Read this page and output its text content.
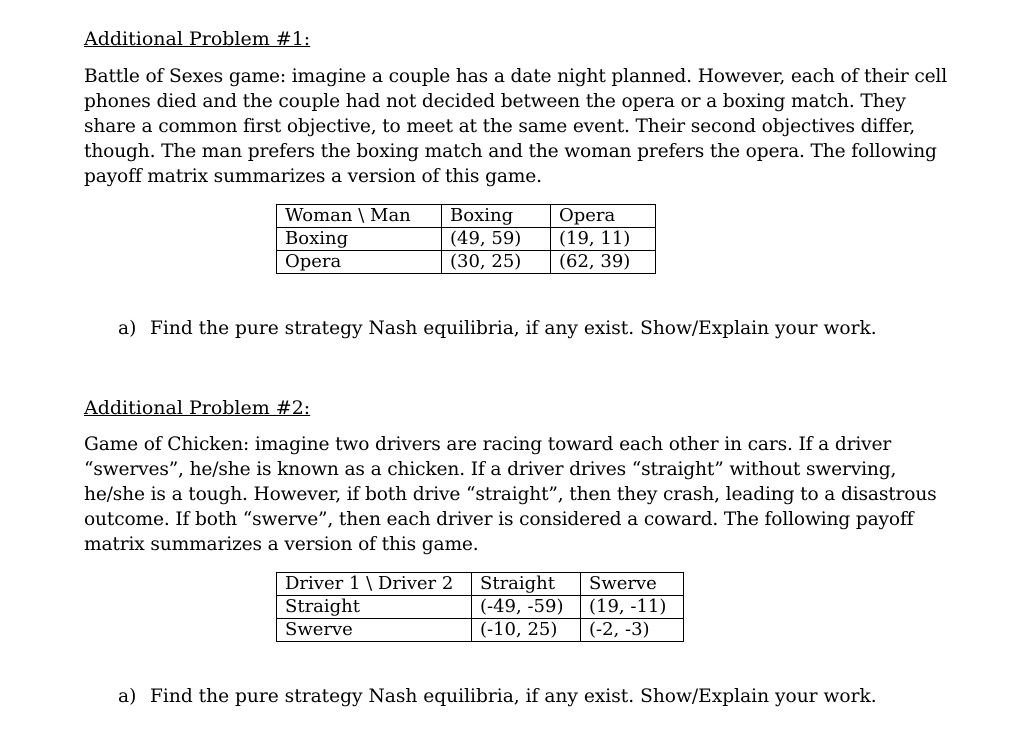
Additional Problem #1:

Battle of Sexes game: imagine a couple has a date night planned. However, each of their cell phones died and the couple had not decided between the opera or a boxing match. They share a common first objective, to meet at the same event. Their second objectives differ, though. The man prefers the boxing match and the woman prefers the opera. The following payoff matrix summarizes a version of this game.

Woman \ Man	Boxing	Opera
Boxing	(49, 59)	(19, 11)
Opera	(30, 25)	(62, 39)

a) Find the pure strategy Nash equilibria, if any exist. Show/Explain your work.

Additional Problem #2:

Game of Chicken: imagine two drivers are racing toward each other in cars. If a driver “swerves”, he/she is known as a chicken. If a driver drives “straight” without swerving, he/she is a tough. However, if both drive “straight”, then they crash, leading to a disastrous outcome. If both “swerve”, then each driver is considered a coward. The following payoff matrix summarizes a version of this game.

Driver 1 \ Driver 2	Straight	Swerve
Straight	(-49, -59)	(19, -11)
Swerve	(-10, 25)	(-2, -3)

a) Find the pure strategy Nash equilibria, if any exist. Show/Explain your work.
